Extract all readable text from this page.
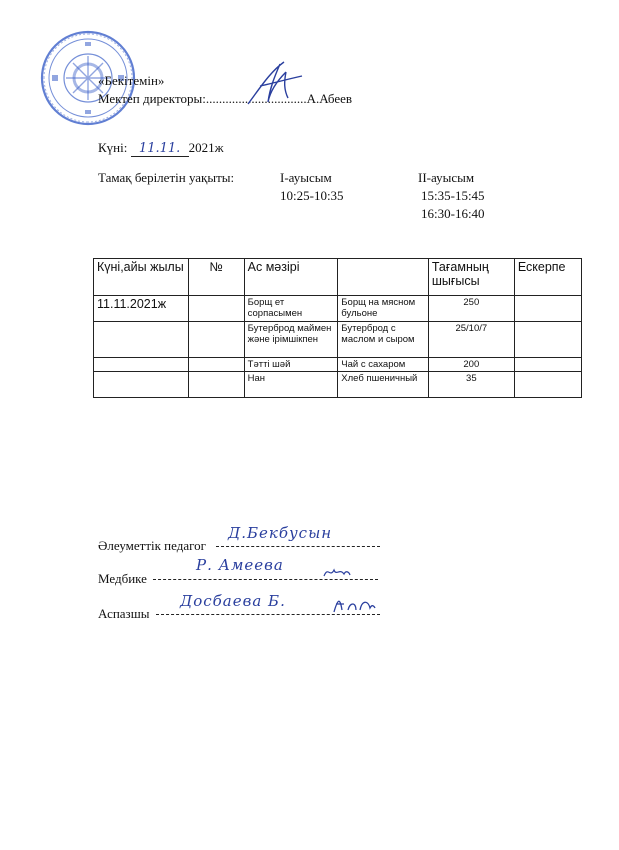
«Бекітемін»
Мектеп директоры:...............................А.Абеев
Күні: 11.11. 2021ж
Тамақ берілетін уақыты:	I-ауысым
10:25-10:35
II-ауысым
15:35-15:45
16:30-16:40
Күні,айы жылы	№	Ас мәзірі		Тағамның шығысы	Ескерпе
11.11.2021ж		Борщ ет сорпасымен	Борщ на мясном бульоне	250	
		Бутерброд маймен және ірімшікпен	Бутерброд с маслом и сыром	25/10/7	
		Тәтті шәй	Чай с сахаром	200	
		Нан	Хлеб пшеничный	35	
Әлеуметтік педагог
Д.Бекбусын
Медбике
Р. Амеева
Аспазшы
Досбаева Б.
